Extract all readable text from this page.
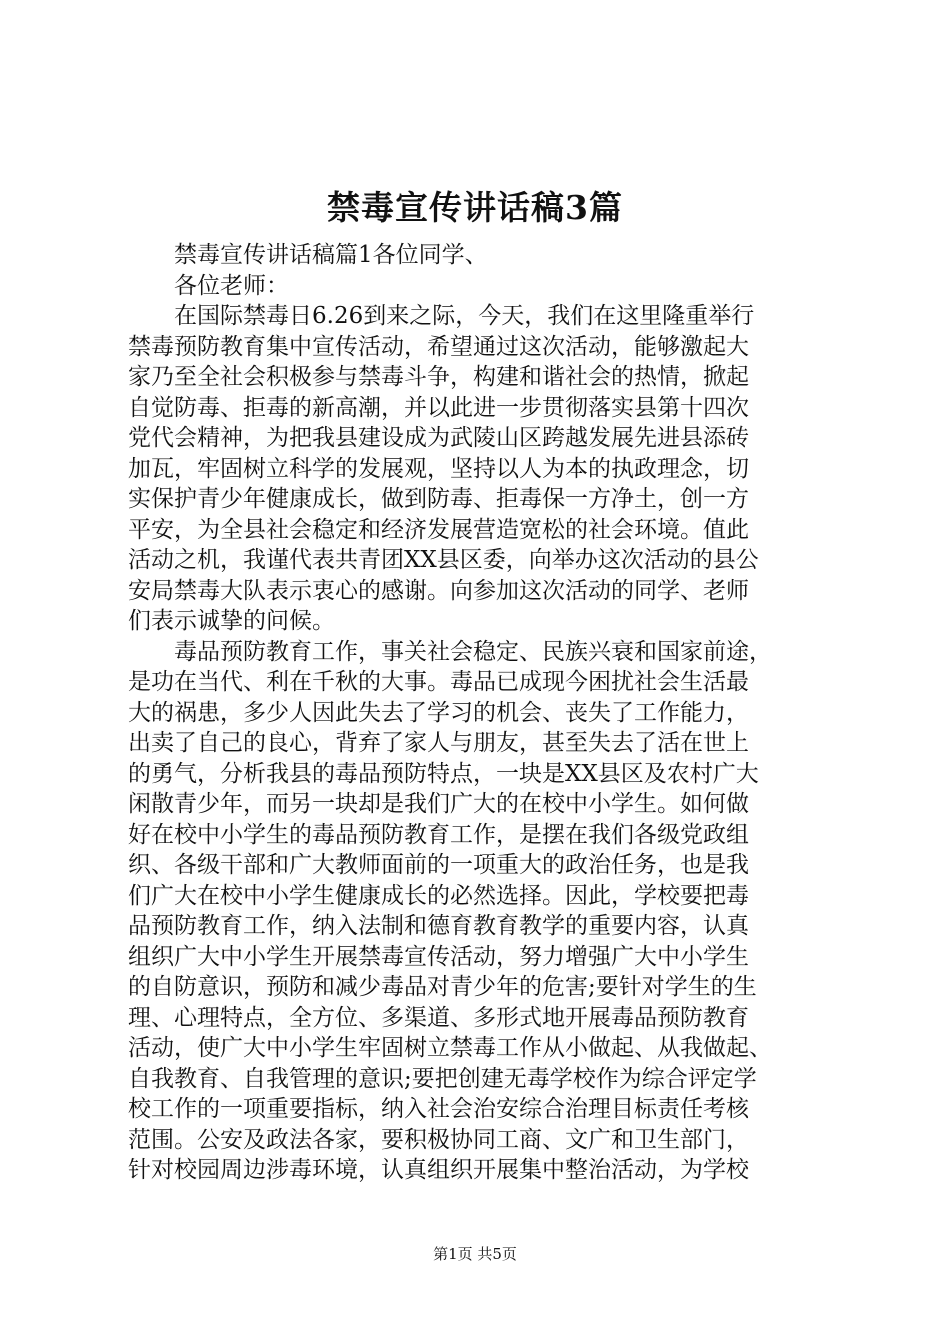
禁毒宣传讲话稿3篇
禁毒宣传讲话稿篇1各位同学、
各位老师：
在国际禁毒日6.26到来之际，今天，我们在这里隆重举行
禁毒预防教育集中宣传活动，希望通过这次活动，能够激起大
家乃至全社会积极参与禁毒斗争，构建和谐社会的热情，掀起
自觉防毒、拒毒的新高潮，并以此进一步贯彻落实县第十四次
党代会精神，为把我县建设成为武陵山区跨越发展先进县添砖
加瓦，牢固树立科学的发展观，坚持以人为本的执政理念，切
实保护青少年健康成长，做到防毒、拒毒保一方净土，创一方
平安，为全县社会稳定和经济发展营造宽松的社会环境。值此
活动之机，我谨代表共青团XX县区委，向举办这次活动的县公
安局禁毒大队表示衷心的感谢。向参加这次活动的同学、老师
们表示诚挚的问候。
毒品预防教育工作，事关社会稳定、民族兴衰和国家前途，
是功在当代、利在千秋的大事。毒品已成现今困扰社会生活最
大的祸患，多少人因此失去了学习的机会、丧失了工作能力，
出卖了自己的良心，背弃了家人与朋友，甚至失去了活在世上
的勇气，分析我县的毒品预防特点，一块是XX县区及农村广大
闲散青少年，而另一块却是我们广大的在校中小学生。如何做
好在校中小学生的毒品预防教育工作，是摆在我们各级党政组
织、各级干部和广大教师面前的一项重大的政治任务，也是我
们广大在校中小学生健康成长的必然选择。因此，学校要把毒
品预防教育工作，纳入法制和德育教育教学的重要内容，认真
组织广大中小学生开展禁毒宣传活动，努力增强广大中小学生
的自防意识，预防和减少毒品对青少年的危害;要针对学生的生
理、心理特点，全方位、多渠道、多形式地开展毒品预防教育
活动，使广大中小学生牢固树立禁毒工作从小做起、从我做起、
自我教育、自我管理的意识;要把创建无毒学校作为综合评定学
校工作的一项重要指标，纳入社会治安综合治理目标责任考核
范围。公安及政法各家，要积极协同工商、文广和卫生部门，
针对校园周边涉毒环境，认真组织开展集中整治活动，为学校
第1页 共5页
